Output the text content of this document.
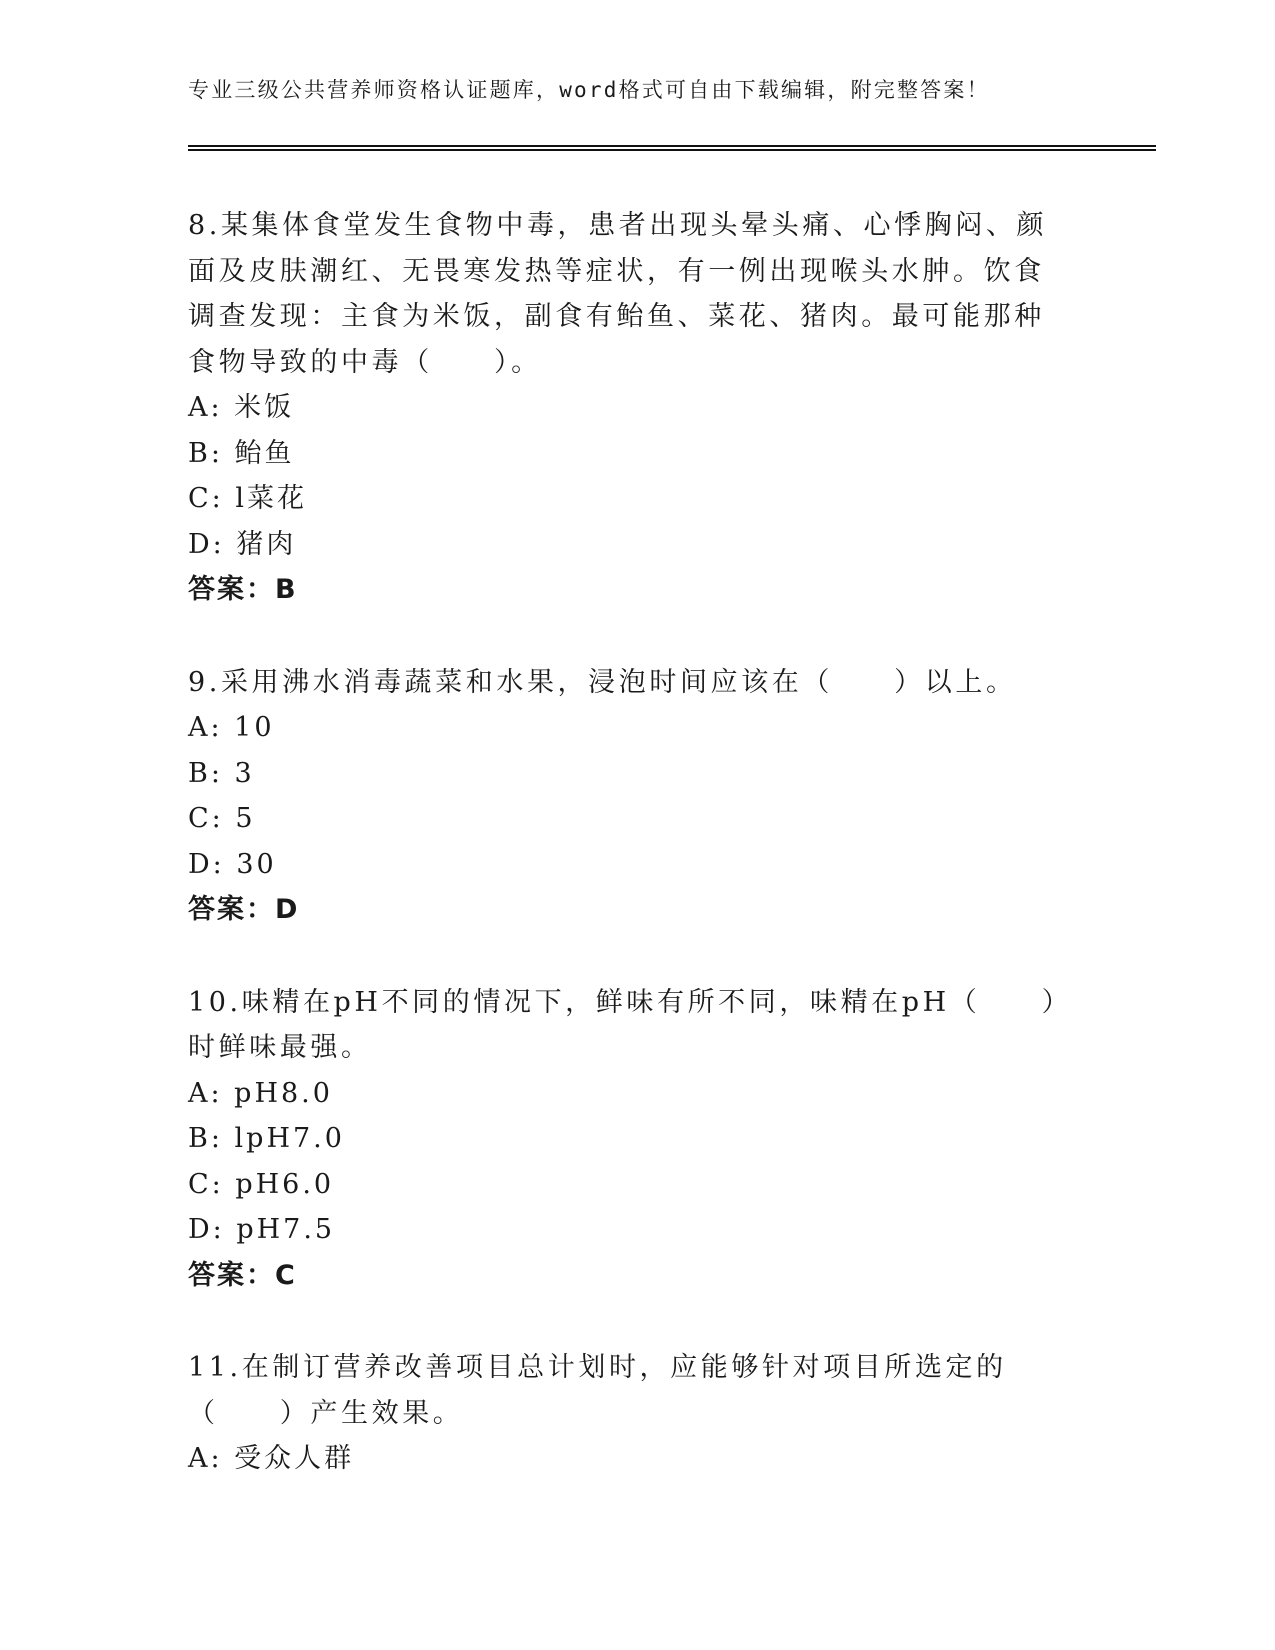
专业三级公共营养师资格认证题库，word格式可自由下载编辑，附完整答案！

8.某集体食堂发生食物中毒，患者出现头晕头痛、心悸胸闷、颜面及皮肤潮红、无畏寒发热等症状，有一例出现喉头水肿。饮食调查发现：主食为米饭，副食有鲐鱼、菜花、猪肉。最可能那种食物导致的中毒（　　）。

A: 米饭

B: 鲐鱼

C: l菜花

D: 猪肉

答案：B

9.采用沸水消毒蔬菜和水果，浸泡时间应该在（　　）以上。

A: 10

B: 3

C: 5

D: 30

答案：D

10.味精在pH不同的情况下，鲜味有所不同，味精在pH（　　）时鲜味最强。

A: pH8.0

B: lpH7.0

C: pH6.0

D: pH7.5

答案：C

11.在制订营养改善项目总计划时，应能够针对项目所选定的（　　）产生效果。

A: 受众人群
